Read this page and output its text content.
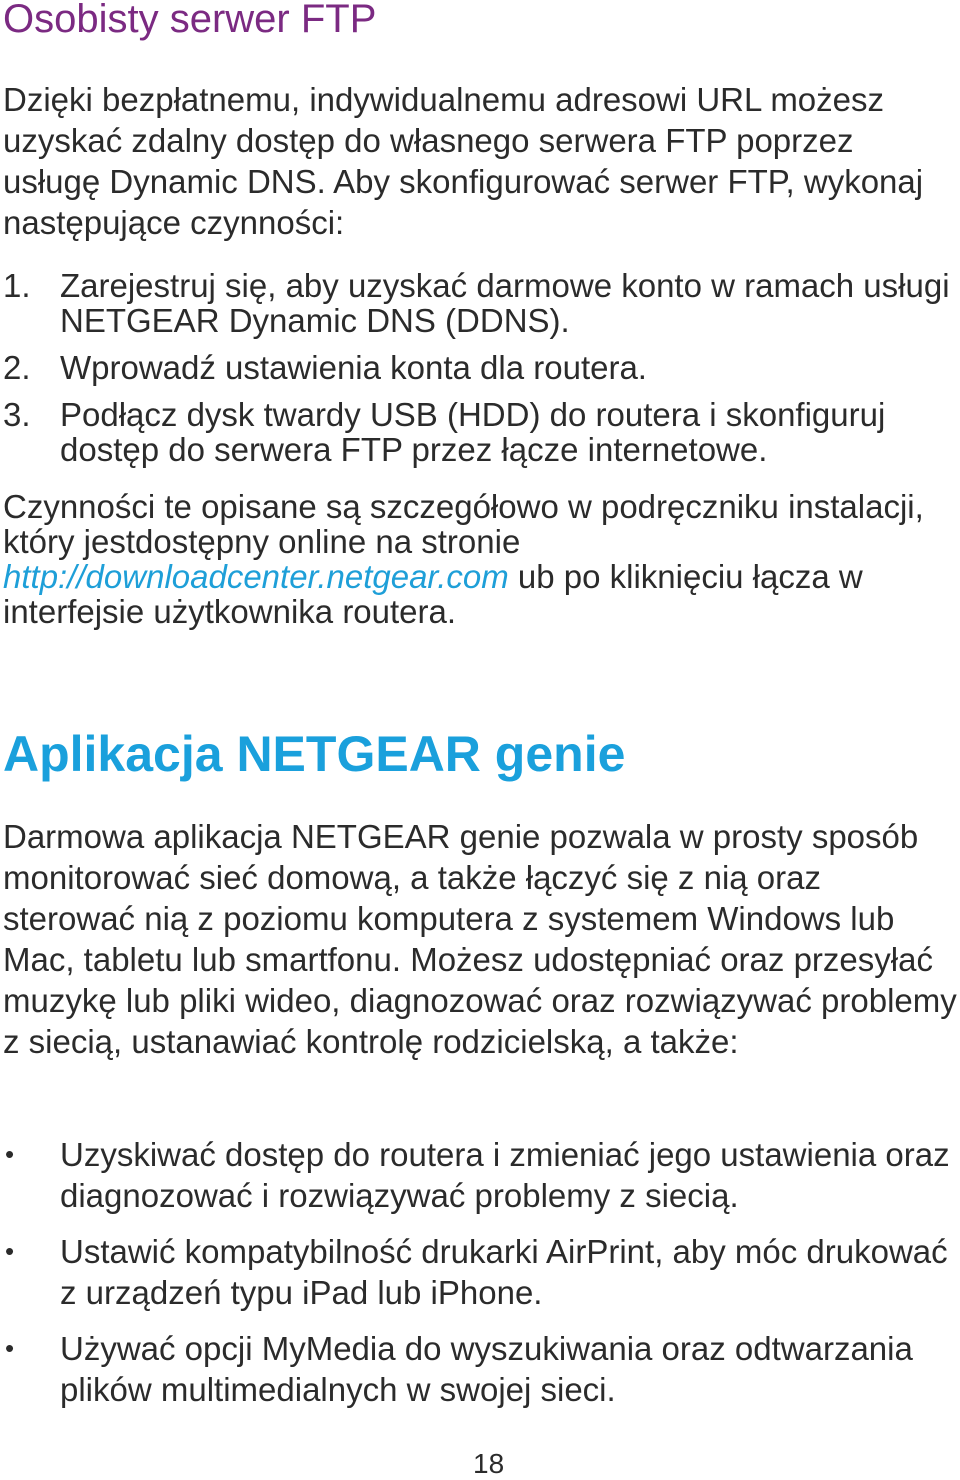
Osobisty serwer FTP

Dzięki bezpłatnemu, indywidualnemu adresowi URL możesz uzyskać zdalny dostęp do własnego serwera FTP poprzez usługę Dynamic DNS. Aby skonfigurować serwer FTP, wykonaj następujące czynności:

1. Zarejestruj się, aby uzyskać darmowe konto w ramach usługi NETGEAR Dynamic DNS (DDNS).
2. Wprowadź ustawienia konta dla routera.
3. Podłącz dysk twardy USB (HDD) do routera i skonfiguruj dostęp do serwera FTP przez łącze internetowe.

Czynności te opisane są szczegółowo w podręczniku instalacji, który jestdostępny online na stronie http://downloadcenter.netgear.com ub po kliknięciu łącza w interfejsie użytkownika routera.

Aplikacja NETGEAR genie

Darmowa aplikacja NETGEAR genie pozwala w prosty sposób monitorować sieć domową, a także łączyć się z nią oraz sterować nią z poziomu komputera z systemem Windows lub Mac, tabletu lub smartfonu. Możesz udostępniać oraz przesyłać muzykę lub pliki wideo, diagnozować oraz rozwiązywać problemy z siecią, ustanawiać kontrolę rodzicielską, a także:

• Uzyskiwać dostęp do routera i zmieniać jego ustawienia oraz diagnozować i rozwiązywać problemy z siecią.
• Ustawić kompatybilność drukarki AirPrint, aby móc drukować z urządzeń typu iPad lub iPhone.
• Używać opcji MyMedia do wyszukiwania oraz odtwarzania plików multimedialnych w swojej sieci.
18
